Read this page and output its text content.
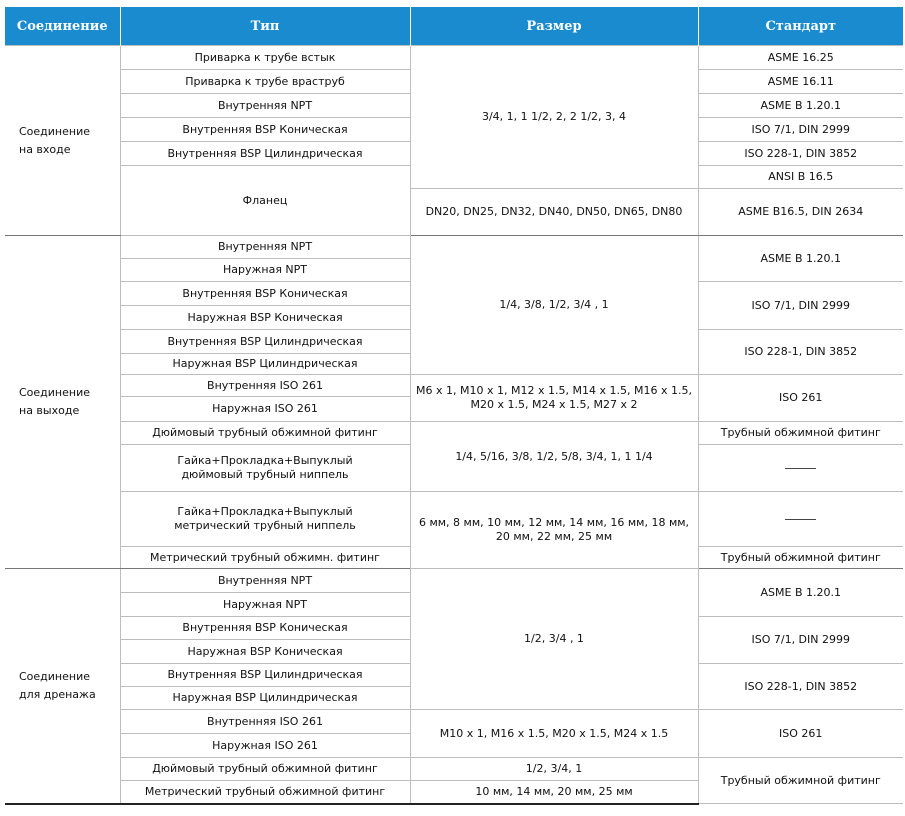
Соединение	Тип	Размер	Стандарт
Соединение
на входе	Приварка к трубе встык	3/4, 1, 1 1/2, 2, 2 1/2, 3, 4	ASME 16.25
	Приварка к трубе враструб		ASME 16.11
	Внутренняя NPT		ASME B 1.20.1
	Внутренняя BSP Коническая		ISO 7/1, DIN 2999
	Внутренняя BSP Цилиндрическая		ISO 228-1, DIN 3852
	Фланец		ANSI B 16.5
		DN20, DN25, DN32, DN40, DN50, DN65, DN80	ASME B16.5, DIN 2634
Соединение
на выходе	Внутренняя NPT	1/4, 3/8, 1/2, 3/4 , 1	ASME B 1.20.1
	Наружная NPT		
	Внутренняя BSP Коническая		ISO 7/1, DIN 2999
	Наружная BSP Коническая		
	Внутренняя BSP Цилиндрическая		ISO 228-1, DIN 3852
	Наружная BSP Цилиндрическая		
	Внутренняя ISO 261	M6 x 1, M10 x 1, M12 x 1.5, M14 x 1.5, M16 x 1.5,
M20 x 1.5, M24 x 1.5, M27 x 2	ISO 261
	Наружная ISO 261		
	Дюймовый трубный обжимной фитинг	1/4, 5/16, 3/8, 1/2, 5/8, 3/4, 1, 1 1/4	Трубный обжимной фитинг
	Гайка+Прокладка+Выпуклый
дюймовый трубный ниппель		
	Гайка+Прокладка+Выпуклый
метрический трубный ниппель	6 мм, 8 мм, 10 мм, 12 мм, 14 мм, 16 мм, 18 мм,
20 мм, 22 мм, 25 мм	
	Метрический трубный обжимн. фитинг		Трубный обжимной фитинг
Соединение
для дренажа	Внутренняя NPT	1/2, 3/4 , 1	ASME B 1.20.1
	Наружная NPT		
	Внутренняя BSP Коническая		ISO 7/1, DIN 2999
	Наружная BSP Коническая		
	Внутренняя BSP Цилиндрическая		ISO 228-1, DIN 3852
	Наружная BSP Цилиндрическая		
	Внутренняя ISO 261	M10 x 1, M16 x 1.5, M20 x 1.5, M24 x 1.5	ISO 261
	Наружная ISO 261		
	Дюймовый трубный обжимной фитинг	1/2, 3/4, 1	Трубный обжимной фитинг
	Метрический трубный обжимной фитинг	10 мм, 14 мм, 20 мм, 25 мм	
